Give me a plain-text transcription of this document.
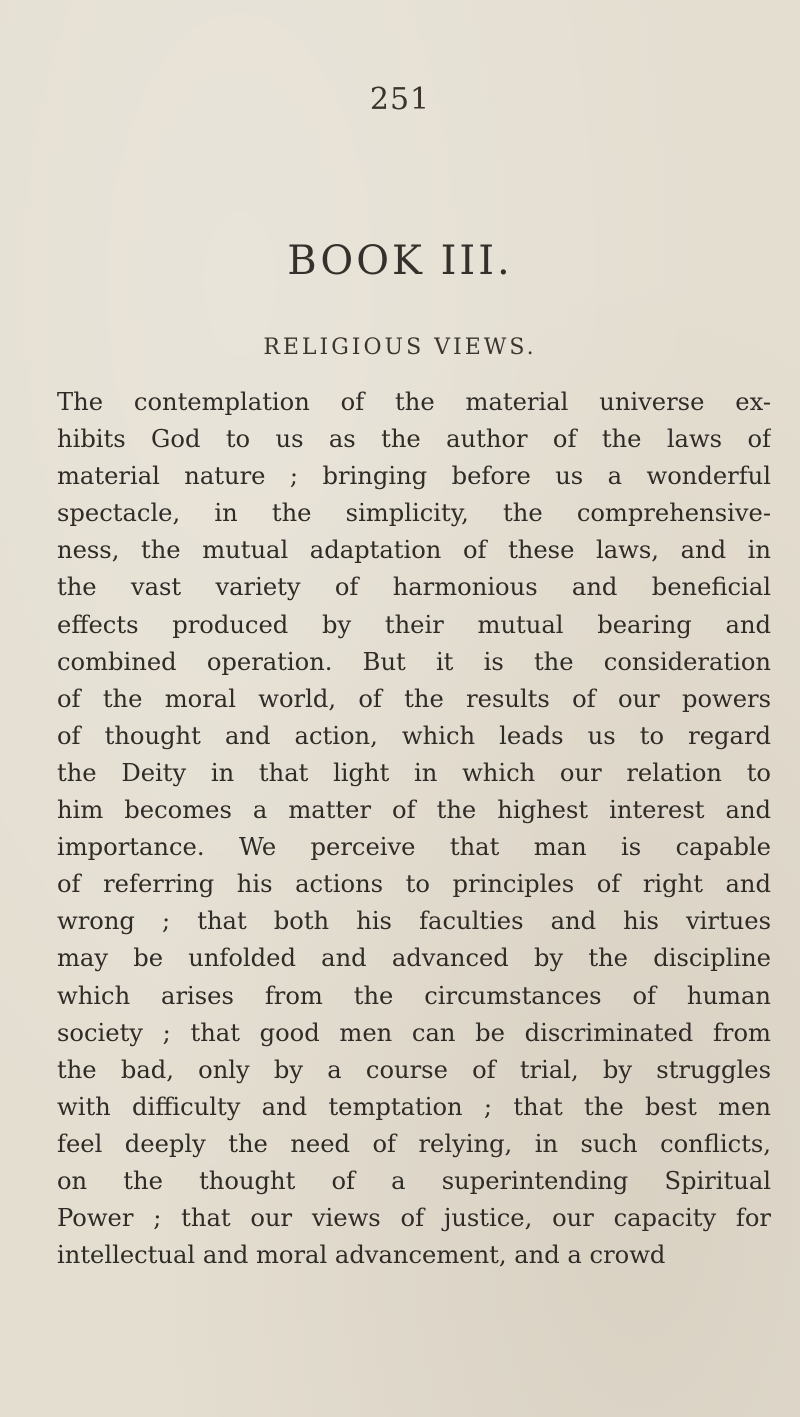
251
BOOK III.
RELIGIOUS VIEWS.

The contemplation of the material universe ex-
hibits God to us as the author of the laws of
material nature ; bringing before us a wonderful
spectacle, in the simplicity, the comprehensive-
ness, the mutual adaptation of these laws, and in
the vast variety of harmonious and beneficial
effects produced by their mutual bearing and
combined operation. But it is the consideration
of the moral world, of the results of our powers
of thought and action, which leads us to regard
the Deity in that light in which our relation to
him becomes a matter of the highest interest and
importance. We perceive that man is capable
of referring his actions to principles of right and
wrong ; that both his faculties and his virtues
may be unfolded and advanced by the discipline
which arises from the circumstances of human
society ; that good men can be discriminated from
the bad, only by a course of trial, by struggles
with difficulty and temptation ; that the best men
feel deeply the need of relying, in such conflicts,
on the thought of a superintending Spiritual
Power ; that our views of justice, our capacity for
intellectual and moral advancement, and a crowd
